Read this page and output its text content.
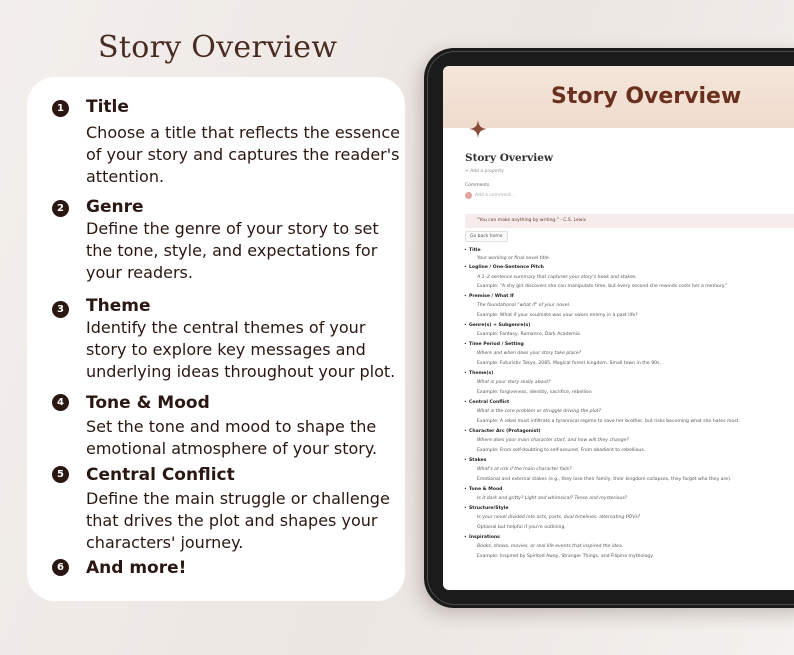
Story Overview
1 Title
Choose a title that reflects the essence of your story and captures the reader's attention.
2 Genre
Define the genre of your story to set the tone, style, and expectations for your readers.
3 Theme
Identify the central themes of your story to explore key messages and underlying ideas throughout your plot.
4 Tone & Mood
Set the tone and mood to shape the emotional atmosphere of your story.
5 Central Conflict
Define the main struggle or challenge that drives the plot and shapes your characters' journey.
6 And more!
Story Overview
Story Overview
+ Add a property
Comments
Add a comment...
"You can make anything by writing." - C.S. Lewis
Go back home
• Title
Your working or final novel title.
• Logline / One-Sentence Pitch
A 1–2 sentence summary that captures your story's hook and stakes.
Example: "A shy girl discovers she can manipulate time, but every second she rewinds costs her a memory."
• Premise / What If
The foundational "what if" of your novel.
Example: What if your soulmate was your sworn enemy in a past life?
• Genre(s) + Subgenre(s)
Example: Fantasy, Romance, Dark Academia
• Time Period / Setting
Where and when does your story take place?
Example: Futuristic Tokyo, 2085. Magical forest kingdom. Small town in the 90s.
• Theme(s)
What is your story really about?
Example: forgiveness, identity, sacrifice, rebellion
• Central Conflict
What is the core problem or struggle driving the plot?
Example: A rebel must infiltrate a tyrannical regime to save her brother, but risks becoming what she hates most.
• Character Arc (Protagonist)
Where does your main character start, and how will they change?
Example: From self-doubting to self-assured. From obedient to rebellious.
• Stakes
What's at risk if the main character fails?
Emotional and external stakes (e.g., they lose their family, their kingdom collapses, they forget who they are).
• Tone & Mood
Is it dark and gritty? Light and whimsical? Tense and mysterious?
• Structure/Style
Is your novel divided into acts, parts, dual timelines, alternating POVs?
Optional but helpful if you're outlining.
• Inspirations
Books, shows, movies, or real life events that inspired the idea.
Example: Inspired by Spirited Away, Stranger Things, and Filipino mythology.
